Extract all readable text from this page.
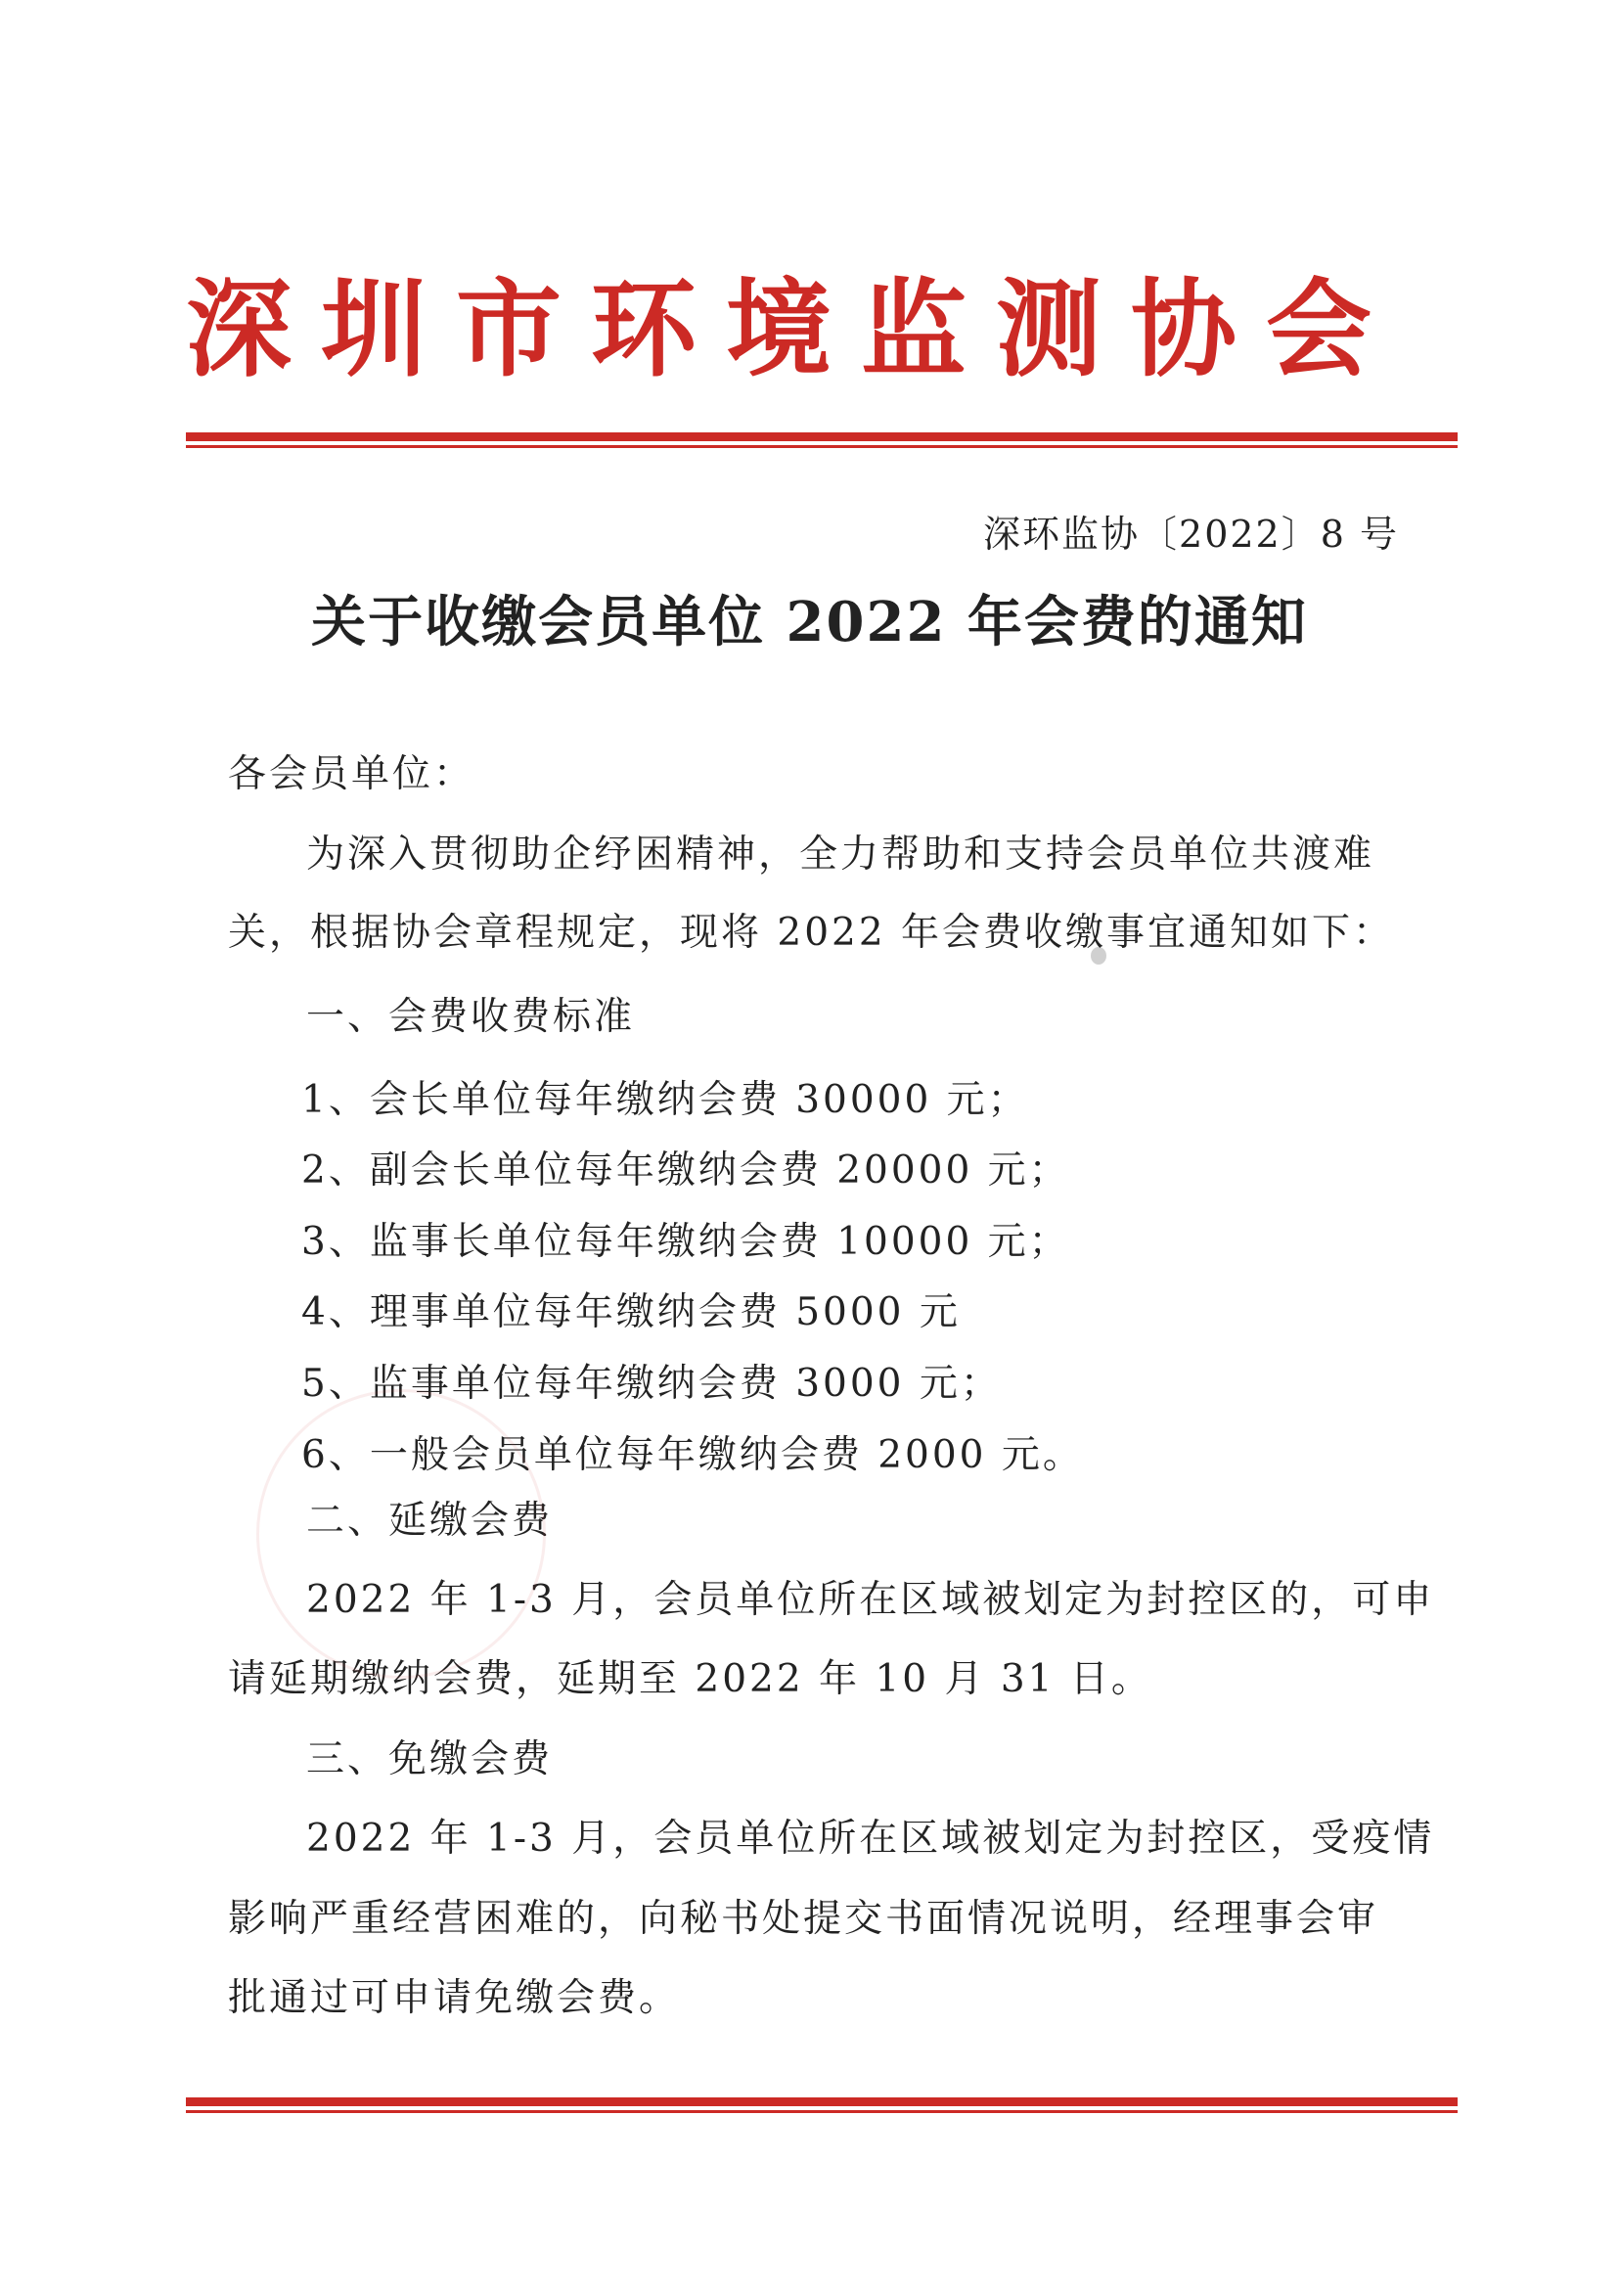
深圳市环境监测协会
深环监协〔2022〕8 号
关于收缴会员单位 2022 年会费的通知
各会员单位：
为深入贯彻助企纾困精神，全力帮助和支持会员单位共渡难
关，根据协会章程规定，现将 2022 年会费收缴事宜通知如下：
一、会费收费标准
1、会长单位每年缴纳会费 30000 元；
2、副会长单位每年缴纳会费 20000 元；
3、监事长单位每年缴纳会费 10000 元；
4、理事单位每年缴纳会费 5000 元
5、监事单位每年缴纳会费 3000 元；
6、一般会员单位每年缴纳会费 2000 元。
二、延缴会费
2022 年 1-3 月，会员单位所在区域被划定为封控区的，可申
请延期缴纳会费，延期至 2022 年 10 月 31 日。
三、免缴会费
2022 年 1-3 月，会员单位所在区域被划定为封控区，受疫情
影响严重经营困难的，向秘书处提交书面情况说明，经理事会审
批通过可申请免缴会费。
